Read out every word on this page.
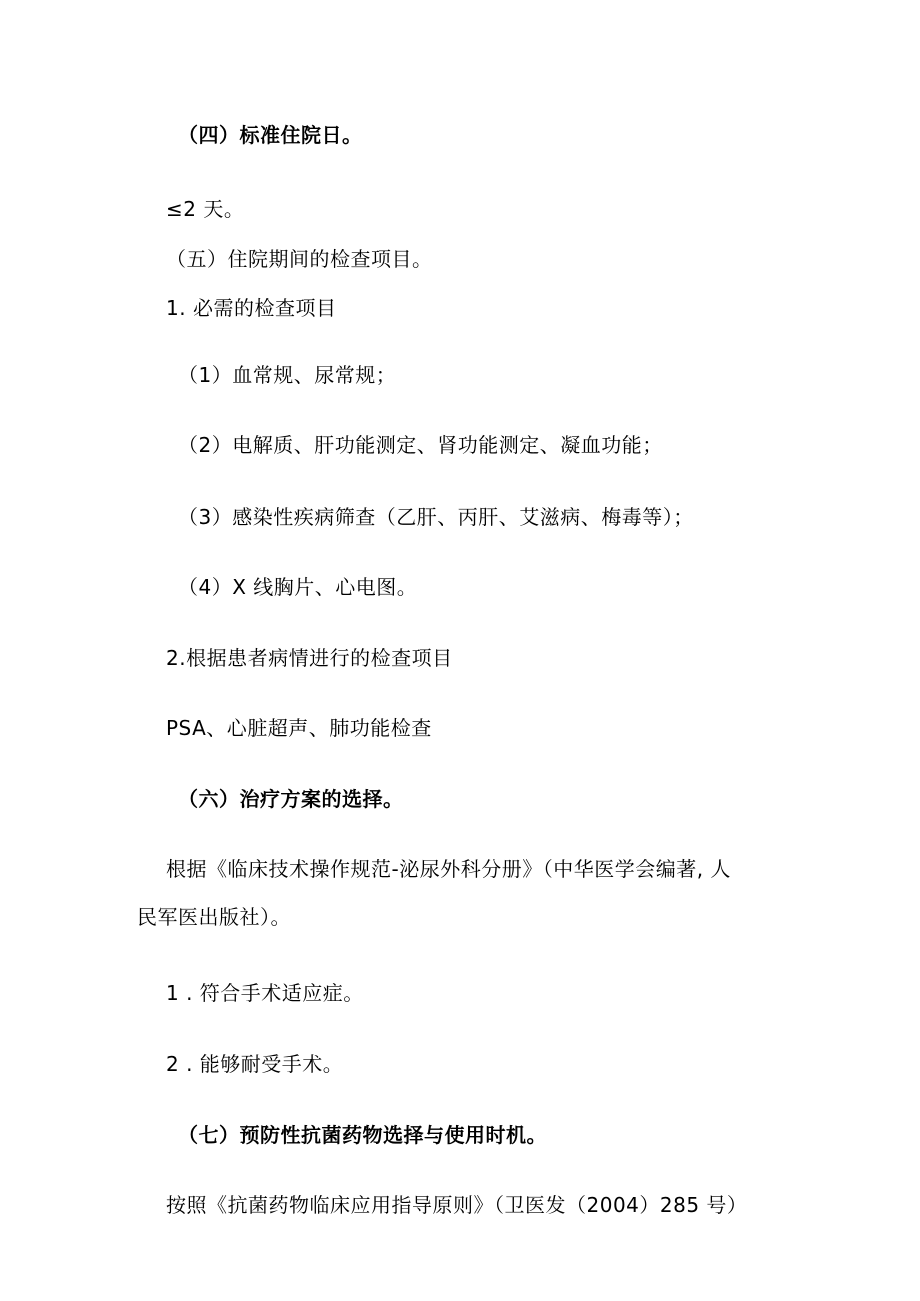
（四）标准住院日。
≤2 天。
（五）住院期间的检查项目。
1. 必需的检查项目
（1）血常规、尿常规；
（2）电解质、肝功能测定、肾功能测定、凝血功能；
（3）感染性疾病筛查（乙肝、丙肝、艾滋病、梅毒等）；
（4）X 线胸片、心电图。
2.根据患者病情进行的检查项目
PSA、心脏超声、肺功能检查
（六）治疗方案的选择。
根据《临床技术操作规范-泌尿外科分册》（中华医学会编著, 人
民军医出版社）。
1 . 符合手术适应症。
2 . 能够耐受手术。
（七）预防性抗菌药物选择与使用时机。
按照《抗菌药物临床应用指导原则》（卫医发（2004）285 号）
